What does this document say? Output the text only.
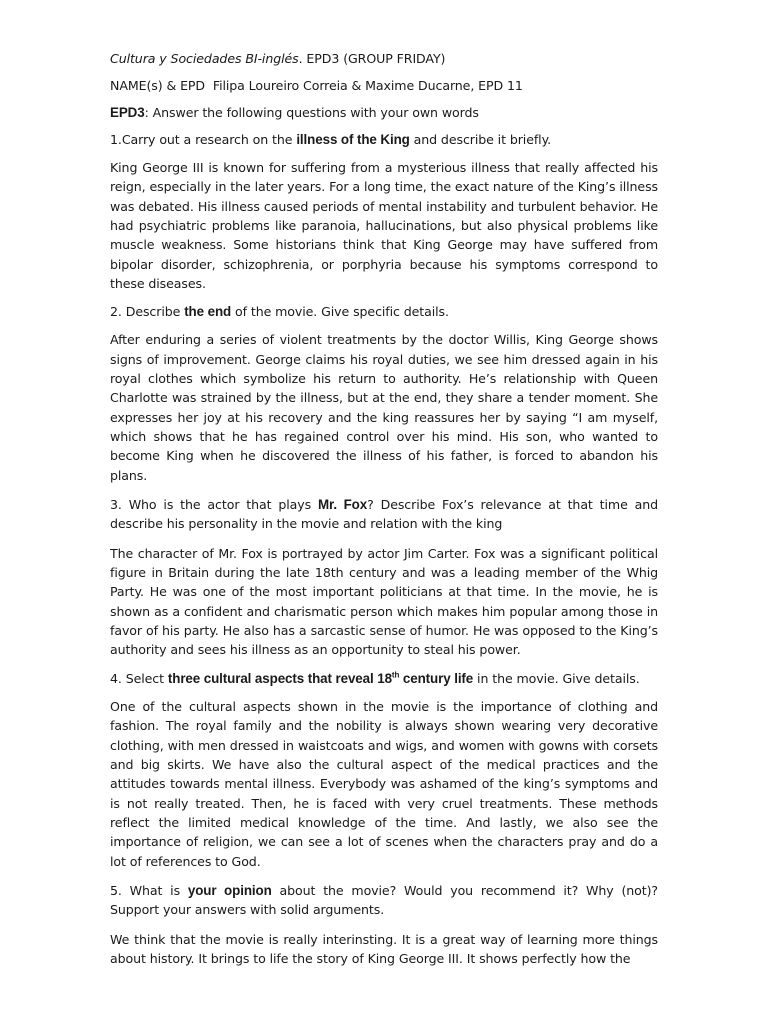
Cultura y Sociedades BI-inglés. EPD3 (GROUP FRIDAY)

NAME(s) & EPD Filipa Loureiro Correia & Maxime Ducarne, EPD 11

EPD3: Answer the following questions with your own words

1.Carry out a research on the illness of the King and describe it briefly.

King George III is known for suffering from a mysterious illness that really affected his reign, especially in the later years. For a long time, the exact nature of the King’s illness was debated. His illness caused periods of mental instability and turbulent behavior. He had psychiatric problems like paranoia, hallucinations, but also physical problems like muscle weakness. Some historians think that King George may have suffered from bipolar disorder, schizophrenia, or porphyria because his symptoms correspond to these diseases.

2. Describe the end of the movie. Give specific details.

After enduring a series of violent treatments by the doctor Willis, King George shows signs of improvement. George claims his royal duties, we see him dressed again in his royal clothes which symbolize his return to authority. He’s relationship with Queen Charlotte was strained by the illness, but at the end, they share a tender moment. She expresses her joy at his recovery and the king reassures her by saying “I am myself, which shows that he has regained control over his mind. His son, who wanted to become King when he discovered the illness of his father, is forced to abandon his plans.

3. Who is the actor that plays Mr. Fox? Describe Fox’s relevance at that time and describe his personality in the movie and relation with the king

The character of Mr. Fox is portrayed by actor Jim Carter. Fox was a significant political figure in Britain during the late 18th century and was a leading member of the Whig Party. He was one of the most important politicians at that time. In the movie, he is shown as a confident and charismatic person which makes him popular among those in favor of his party. He also has a sarcastic sense of humor. He was opposed to the King’s authority and sees his illness as an opportunity to steal his power.

4. Select three cultural aspects that reveal 18th century life in the movie. Give details.

One of the cultural aspects shown in the movie is the importance of clothing and fashion. The royal family and the nobility is always shown wearing very decorative clothing, with men dressed in waistcoats and wigs, and women with gowns with corsets and big skirts. We have also the cultural aspect of the medical practices and the attitudes towards mental illness. Everybody was ashamed of the king’s symptoms and is not really treated. Then, he is faced with very cruel treatments. These methods reflect the limited medical knowledge of the time. And lastly, we also see the importance of religion, we can see a lot of scenes when the characters pray and do a lot of references to God.

5. What is your opinion about the movie? Would you recommend it? Why (not)? Support your answers with solid arguments.

We think that the movie is really interinsting. It is a great way of learning more things about history. It brings to life the story of King George III. It shows perfectly how the
